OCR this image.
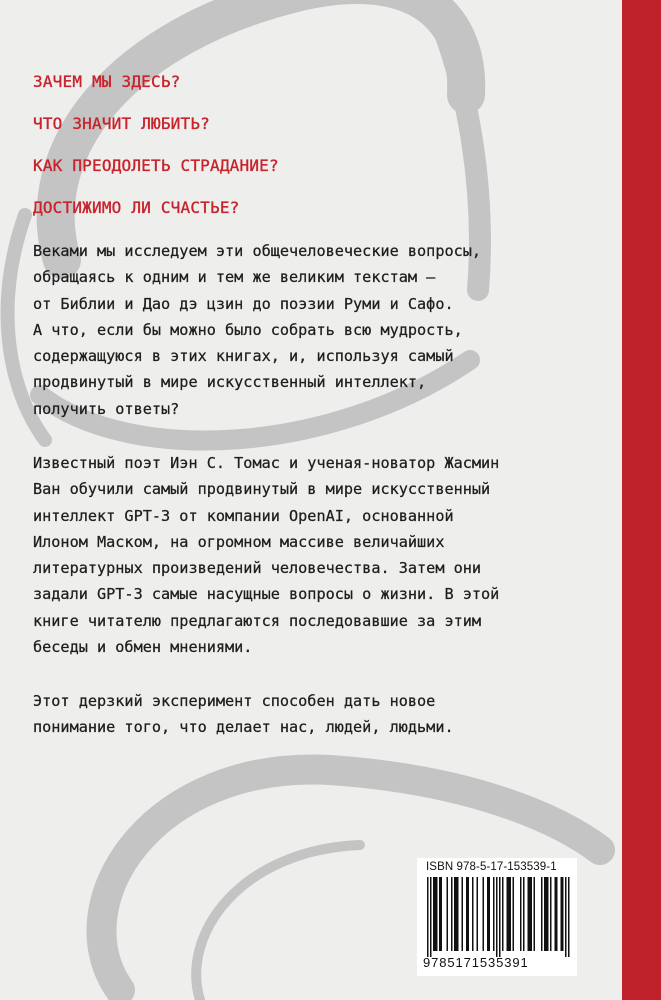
ЗАЧЕМ МЫ ЗДЕСЬ?
ЧТО ЗНАЧИТ ЛЮБИТЬ?
КАК ПРЕОДОЛЕТЬ СТРАДАНИЕ?
ДОСТИЖИМО ЛИ СЧАСТЬЕ?
Веками мы исследуем эти общечеловеческие вопросы,
обращаясь к одним и тем же великим текстам —
от Библии и Дао дэ цзин до поэзии Руми и Сафо.
А что, если бы можно было собрать всю мудрость,
содержащуюся в этих книгах, и, используя самый
продвинутый в мире искусственный интеллект,
получить ответы?
Известный поэт Иэн С. Томас и ученая-новатор Жасмин
Ван обучили самый продвинутый в мире искусственный
интеллект GPT-3 от компании OpenAI, основанной
Илоном Маском, на огромном массиве величайших
литературных произведений человечества. Затем они
задали GPT-3 самые насущные вопросы о жизни. В этой
книге читателю предлагаются последовавшие за этим
беседы и обмен мнениями.
Этот дерзкий эксперимент способен дать новое
понимание того, что делает нас, людей, людьми.
ISBN 978-5-17-153539-1
9785171535391
